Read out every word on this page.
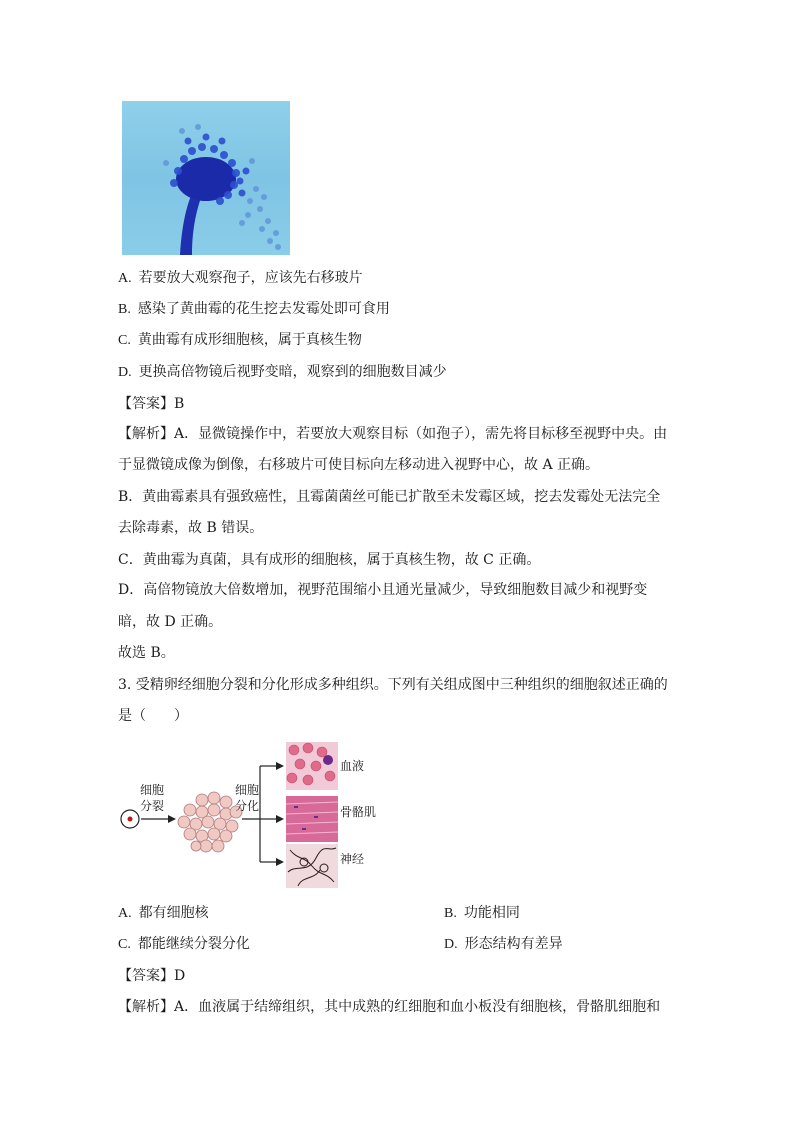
A.  若要放大观察孢子，应该先右移玻片
B.  感染了黄曲霉的花生挖去发霉处即可食用
C.  黄曲霉有成形细胞核，属于真核生物
D.  更换高倍物镜后视野变暗，观察到的细胞数目减少
【答案】B
【解析】A．显微镜操作中，若要放大观察目标（如孢子），需先将目标移至视野中央。由
于显微镜成像为倒像，右移玻片可使目标向左移动进入视野中心，故 A 正确。
B．黄曲霉素具有强致癌性，且霉菌菌丝可能已扩散至未发霉区域，挖去发霉处无法完全
去除毒素，故 B 错误。
C．黄曲霉为真菌，具有成形的细胞核，属于真核生物，故 C 正确。
D．高倍物镜放大倍数增加，视野范围缩小且通光量减少，导致细胞数目减少和视野变
暗，故 D 正确。
故选 B。
3. 受精卵经细胞分裂和分化形成多种组织。下列有关组成图中三种组织的细胞叙述正确的
是（　　）
细胞
分裂
细胞
分化
血液
骨骼肌
神经
A.  都有细胞核	B.  功能相同
C.  都能继续分裂分化	D.  形态结构有差异
【答案】D
【解析】A．血液属于结缔组织，其中成熟的红细胞和血小板没有细胞核，骨骼肌细胞和
